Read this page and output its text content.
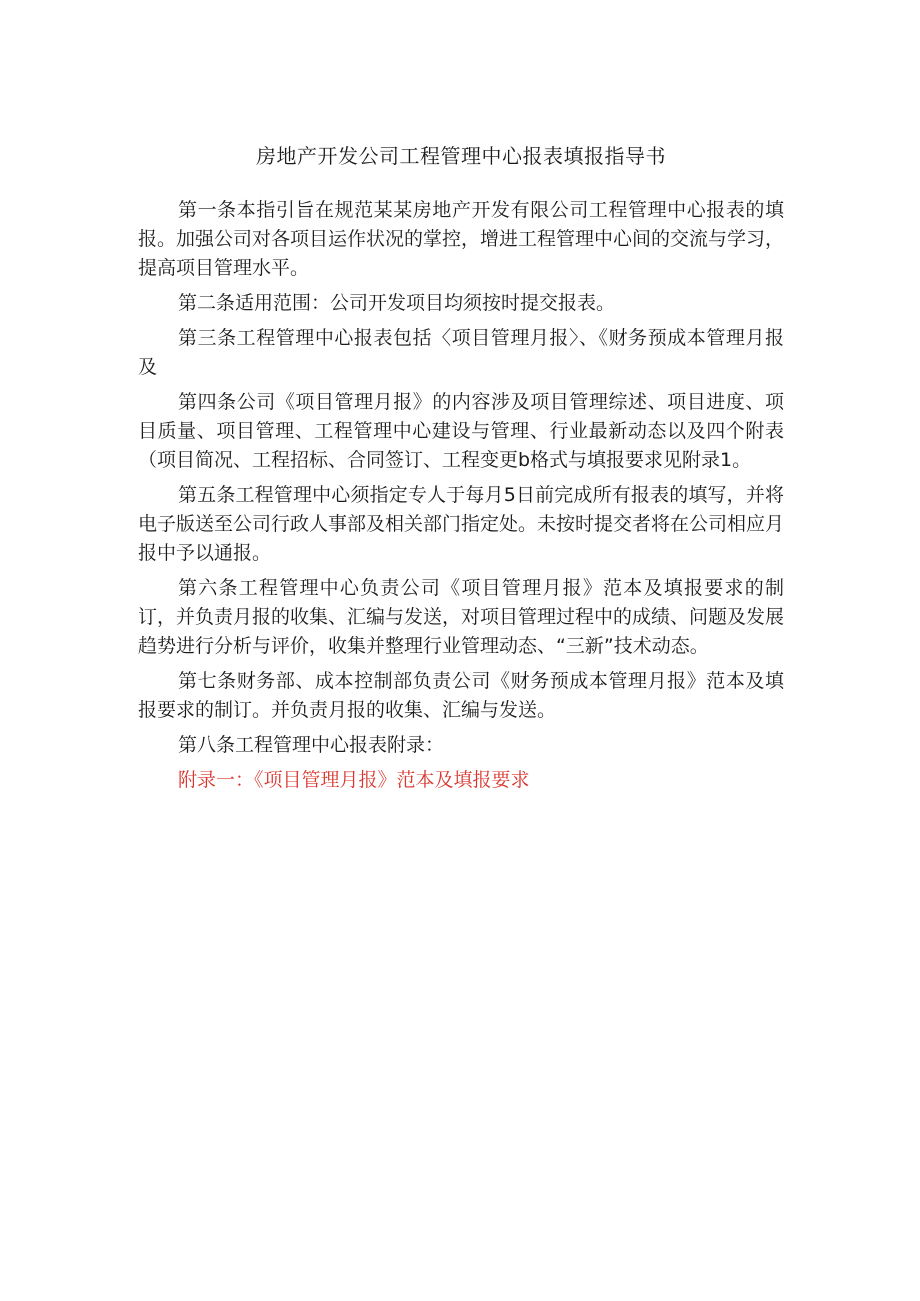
房地产开发公司工程管理中心报表填报指导书

第一条本指引旨在规范某某房地产开发有限公司工程管理中心报表的填报。加强公司对各项目运作状况的掌控，增进工程管理中心间的交流与学习，提高项目管理水平。

第二条适用范围：公司开发项目均须按时提交报表。

第三条工程管理中心报表包括〈项目管理月报〉、《财务预成本管理月报及

第四条公司《项目管理月报》的内容涉及项目管理综述、项目进度、项目质量、项目管理、工程管理中心建设与管理、行业最新动态以及四个附表（项目简况、工程招标、合同签订、工程变更b格式与填报要求见附录1。

第五条工程管理中心须指定专人于每月5日前完成所有报表的填写，并将电子版送至公司行政人事部及相关部门指定处。未按时提交者将在公司相应月报中予以通报。

第六条工程管理中心负责公司《项目管理月报》范本及填报要求的制订，并负责月报的收集、汇编与发送，对项目管理过程中的成绩、问题及发展趋势进行分析与评价，收集并整理行业管理动态、“三新”技术动态。

第七条财务部、成本控制部负责公司《财务预成本管理月报》范本及填报要求的制订。并负责月报的收集、汇编与发送。

第八条工程管理中心报表附录：

附录一：《项目管理月报》范本及填报要求
